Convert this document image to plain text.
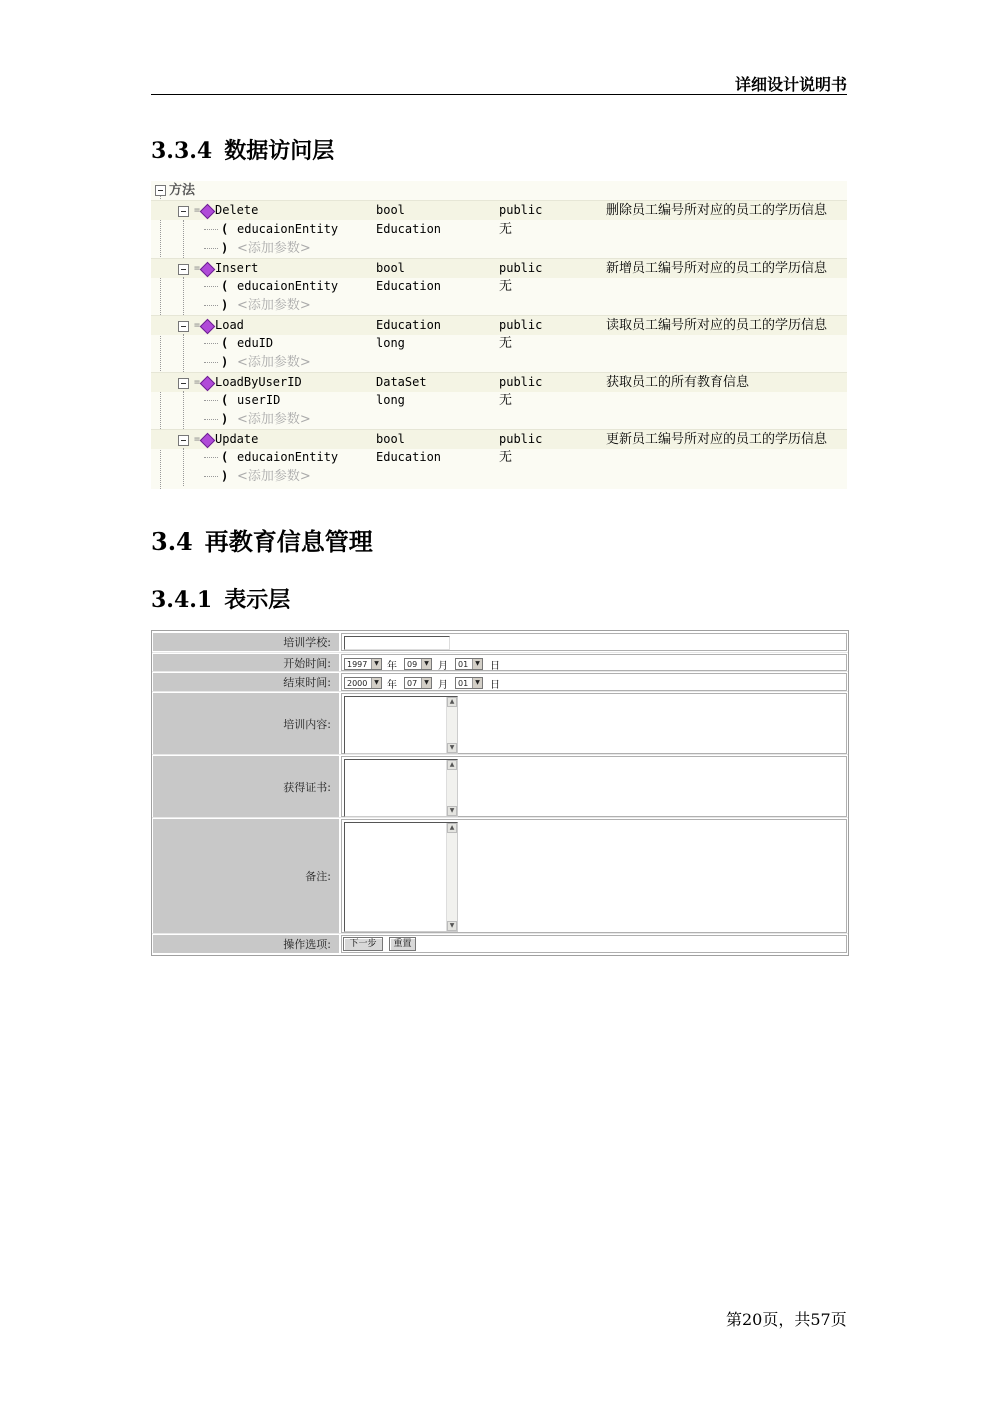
详细设计说明书
3.3.4 数据访问层
方法
= Delete	bool	public	删除员工编号所对应的员工的学历信息
( educaionEntity	Education	无
) <添加参数>
= Insert	bool	public	新增员工编号所对应的员工的学历信息
( educaionEntity	Education	无
) <添加参数>
= Load	Education	public	读取员工编号所对应的员工的学历信息
( eduID	long	无
) <添加参数>
= LoadByUserID	DataSet	public	获取员工的所有教育信息
( userID	long	无
) <添加参数>
= Update	bool	public	更新员工编号所对应的员工的学历信息
( educaionEntity	Education	无
) <添加参数>
3.4 再教育信息管理
3.4.1 表示层
培训学校:
开始时间:	1997	▼ 年	09	▼ 月	01	▼ 日
结束时间:	2000	▼ 年	07	▼ 月	01	▼ 日
培训内容:
▲
▼
获得证书:
▲
▼
备注:
▲
▼
操作选项:	下一步	重置
第20页，共57页
